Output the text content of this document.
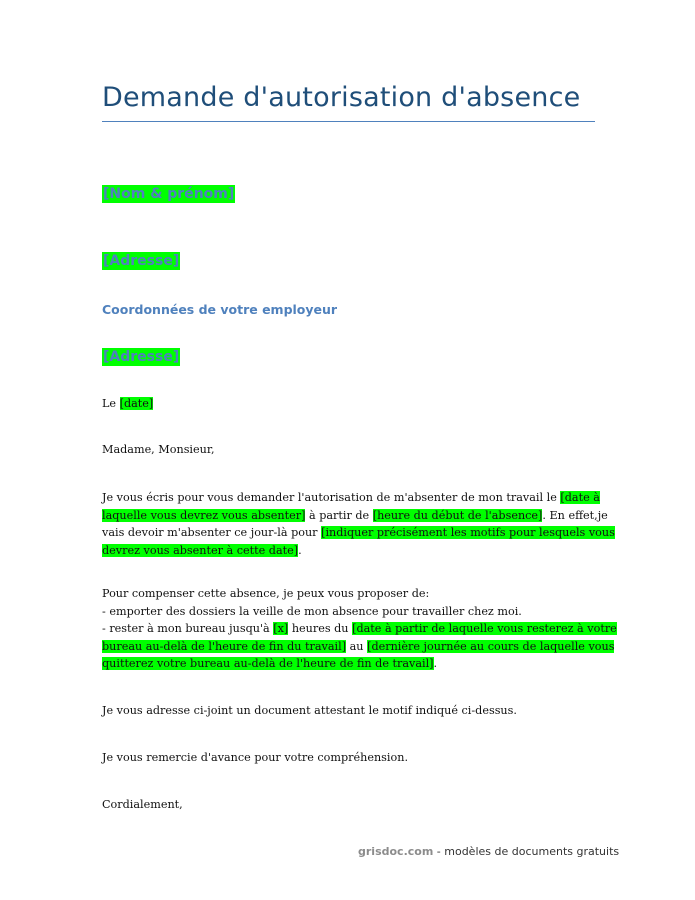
Demande d'autorisation d'absence

[Nom & prénom]

[Adresse]

Coordonnées de votre employeur

[Adresse]

Le [date]

Madame, Monsieur,

Je vous écris pour vous demander l'autorisation de m'absenter de mon travail le [date à
laquelle vous devrez vous absenter] à partir de [heure du début de l'absence]. En effet,je
vais devoir m'absenter ce jour-là pour [indiquer précisément les motifs pour lesquels vous
devrez vous absenter à cette date].
Pour compenser cette absence, je peux vous proposer de:
- emporter des dossiers la veille de mon absence pour travailler chez moi.
- rester à mon bureau jusqu'à [x] heures du [date à partir de laquelle vous resterez à votre
bureau au-delà de l'heure de fin du travail] au [dernière journée au cours de laquelle vous
quitterez votre bureau au-delà de l'heure de fin de travail].

Je vous adresse ci-joint un document attestant le motif indiqué ci-dessus.

Je vous remercie d'avance pour votre compréhension.

Cordialement,

grisdoc.com - modèles de documents gratuits
